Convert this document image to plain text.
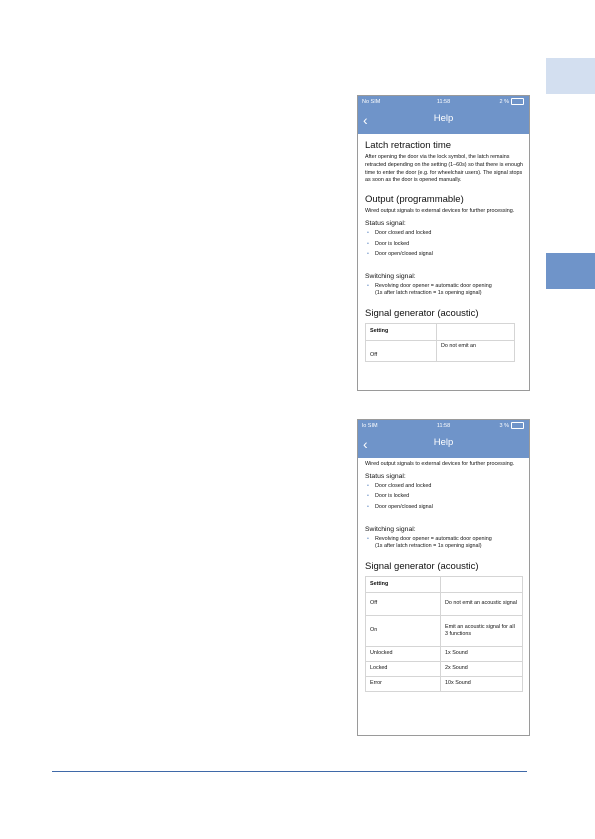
No SIM	11:58	2 %
‹	Help
Latch retraction time

After opening the door via the lock symbol, the latch remains retracted depending on the setting (1–60s) so that there is enough time to enter the door (e.g. for wheelchair users). The signal stops as soon as the door is opened manually.

Output (programmable)

Wired output signals to external devices for further processing.

Status signal:
• Door closed and locked
• Door is locked
• Door open/closed signal
Switching signal:
• Revolving door opener = automatic door opening
(1s after latch retraction = 1s opening signal)
Signal generator (acoustic)
Setting	
Off	Do not emit an
lo SIM	11:58	3 %
‹	Help

Wired output signals to external devices for further processing.

Status signal:
• Door closed and locked
• Door is locked
• Door open/closed signal
Switching signal:
• Revolving door opener = automatic door opening
(1s after latch retraction = 1s opening signal)
Signal generator (acoustic)
Setting	
Off	Do not emit an acoustic signal
On	Emit an acoustic signal for all 3 functions
Unlocked	1x Sound
Locked	2x Sound
Error	10x Sound
